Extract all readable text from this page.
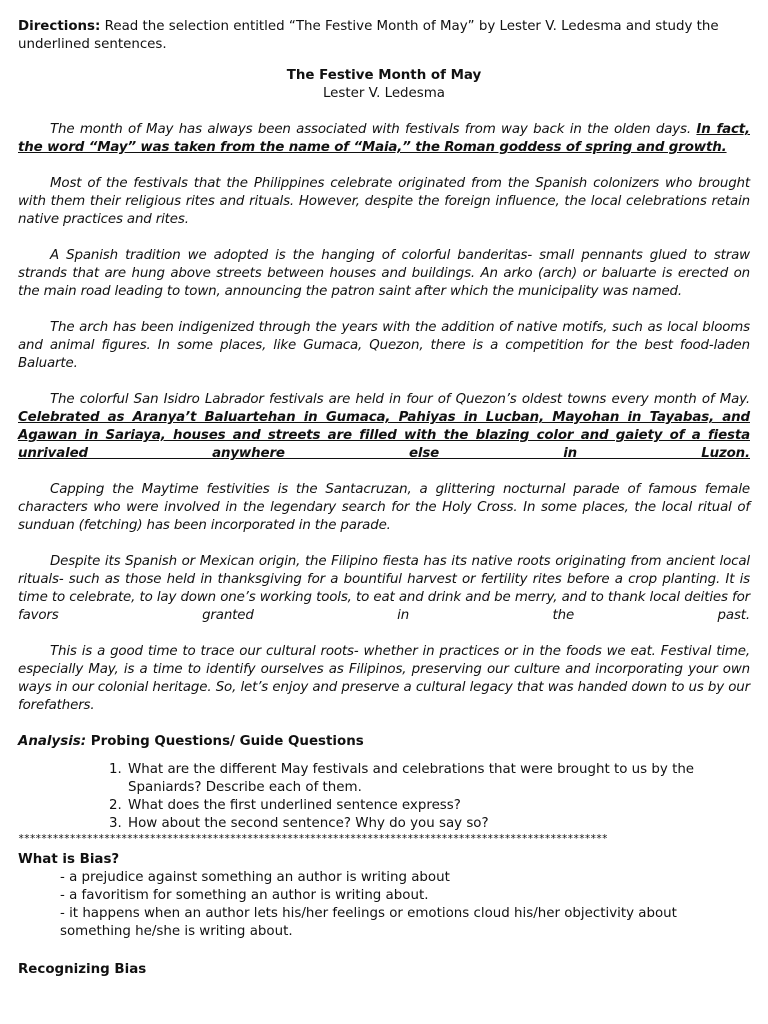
Directions: Read the selection entitled “The Festive Month of May” by Lester V. Ledesma and study the underlined sentences.

The Festive Month of May

Lester V. Ledesma

The month of May has always been associated with festivals from way back in the olden days. In fact, the word “May” was taken from the name of “Maia,” the Roman goddess of spring and growth.

Most of the festivals that the Philippines celebrate originated from the Spanish colonizers who brought with them their religious rites and rituals. However, despite the foreign influence, the local celebrations retain native practices and rites.

A Spanish tradition we adopted is the hanging of colorful banderitas- small pennants glued to straw strands that are hung above streets between houses and buildings. An arko (arch) or baluarte is erected on the main road leading to town, announcing the patron saint after which the municipality was named.

The arch has been indigenized through the years with the addition of native motifs, such as local blooms and animal figures. In some places, like Gumaca, Quezon, there is a competition for the best food-laden Baluarte.

The colorful San Isidro Labrador festivals are held in four of Quezon’s oldest towns every month of May. Celebrated as Aranya’t Baluartehan in Gumaca, Pahiyas in Lucban, Mayohan in Tayabas, and Agawan in Sariaya, houses and streets are filled with the blazing color and gaiety of a fiesta unrivaled anywhere else in Luzon.

Capping the Maytime festivities is the Santacruzan, a glittering nocturnal parade of famous female characters who were involved in the legendary search for the Holy Cross. In some places, the local ritual of sunduan (fetching) has been incorporated in the parade.

Despite its Spanish or Mexican origin, the Filipino fiesta has its native roots originating from ancient local rituals- such as those held in thanksgiving for a bountiful harvest or fertility rites before a crop planting. It is time to celebrate, to lay down one’s working tools, to eat and drink and be merry, and to thank local deities for favors granted in the past.

This is a good time to trace our cultural roots- whether in practices or in the foods we eat. Festival time, especially May, is a time to identify ourselves as Filipinos, preserving our culture and incorporating your own ways in our colonial heritage. So, let’s enjoy and preserve a cultural legacy that was handed down to us by our forefathers.

Analysis: Probing Questions/ Guide Questions

1. What are the different May festivals and celebrations that were brought to us by the Spaniards? Describe each of them.
2. What does the first underlined sentence express?
3. How about the second sentence? Why do you say so?
*******************************************************************************************************

What is Bias?

- a prejudice against something an author is writing about

- a favoritism for something an author is writing about.

- it happens when an author lets his/her feelings or emotions cloud his/her objectivity about something he/she is writing about.

Recognizing Bias
